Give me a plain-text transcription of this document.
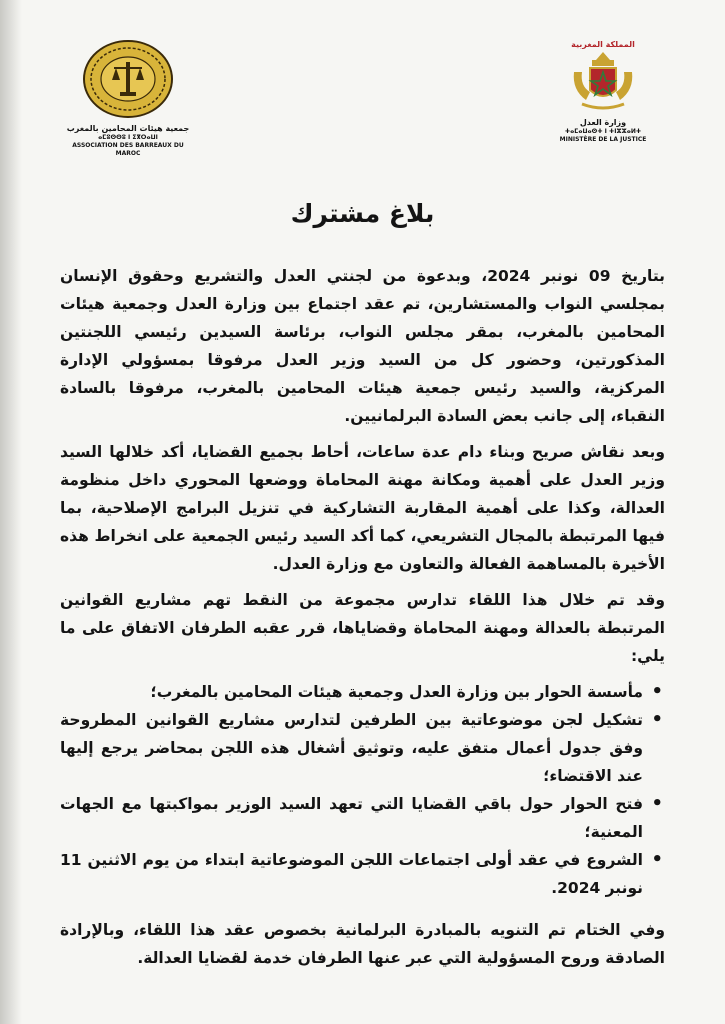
جمعية هيئات المحامين بالمغرب
ⴰⵎⵓⵙⵙⵓ ⵏ ⵉⴳⵔⴰⵡⵏ
ASSOCIATION DES BARREAUX DU MAROC
المملكة المغربية
وزارة العدل
ⵜⴰⵎⴰⵡⴰⵙⵜ ⵏ ⵜⵏⵣⵣⴰⵍⵜ
MINISTÈRE DE LA JUSTICE
بلاغ مشترك

بتاريخ 09 نونبر 2024، وبدعوة من لجنتي العدل والتشريع وحقوق الإنسان بمجلسي النواب والمستشارين، تم عقد اجتماع بين وزارة العدل وجمعية هيئات المحامين بالمغرب، بمقر مجلس النواب، برئاسة السيدين رئيسي اللجنتين المذكورتين، وحضور كل من السيد وزير العدل مرفوقا بمسؤولي الإدارة المركزية، والسيد رئيس جمعية هيئات المحامين بالمغرب، مرفوقا بالسادة النقباء، إلى جانب بعض السادة البرلمانيين.

وبعد نقاش صريح وبناء دام عدة ساعات، أحاط بجميع القضايا، أكد خلالها السيد وزير العدل على أهمية ومكانة مهنة المحاماة ووضعها المحوري داخل منظومة العدالة، وكذا على أهمية المقاربة التشاركية في تنزيل البرامج الإصلاحية، بما فيها المرتبطة بالمجال التشريعي، كما أكد السيد رئيس الجمعية على انخراط هذه الأخيرة بالمساهمة الفعالة والتعاون مع وزارة العدل.

وقد تم خلال هذا اللقاء تدارس مجموعة من النقط تهم مشاريع القوانين المرتبطة بالعدالة ومهنة المحاماة وقضاياها، قرر عقبه الطرفان الاتفاق على ما يلي:

• مأسسة الحوار بين وزارة العدل وجمعية هيئات المحامين بالمغرب؛
• تشكيل لجن موضوعاتية بين الطرفين لتدارس مشاريع القوانين المطروحة وفق جدول أعمال متفق عليه، وتوثيق أشغال هذه اللجن بمحاضر يرجع إليها عند الاقتضاء؛
• فتح الحوار حول باقي القضايا التي تعهد السيد الوزير بمواكبتها مع الجهات المعنية؛
• الشروع في عقد أولى اجتماعات اللجن الموضوعاتية ابتداء من يوم الاثنين 11 نونبر 2024.

وفي الختام تم التنويه بالمبادرة البرلمانية بخصوص عقد هذا اللقاء، وبالإرادة الصادقة وروح المسؤولية التي عبر عنها الطرفان خدمة لقضايا العدالة.
